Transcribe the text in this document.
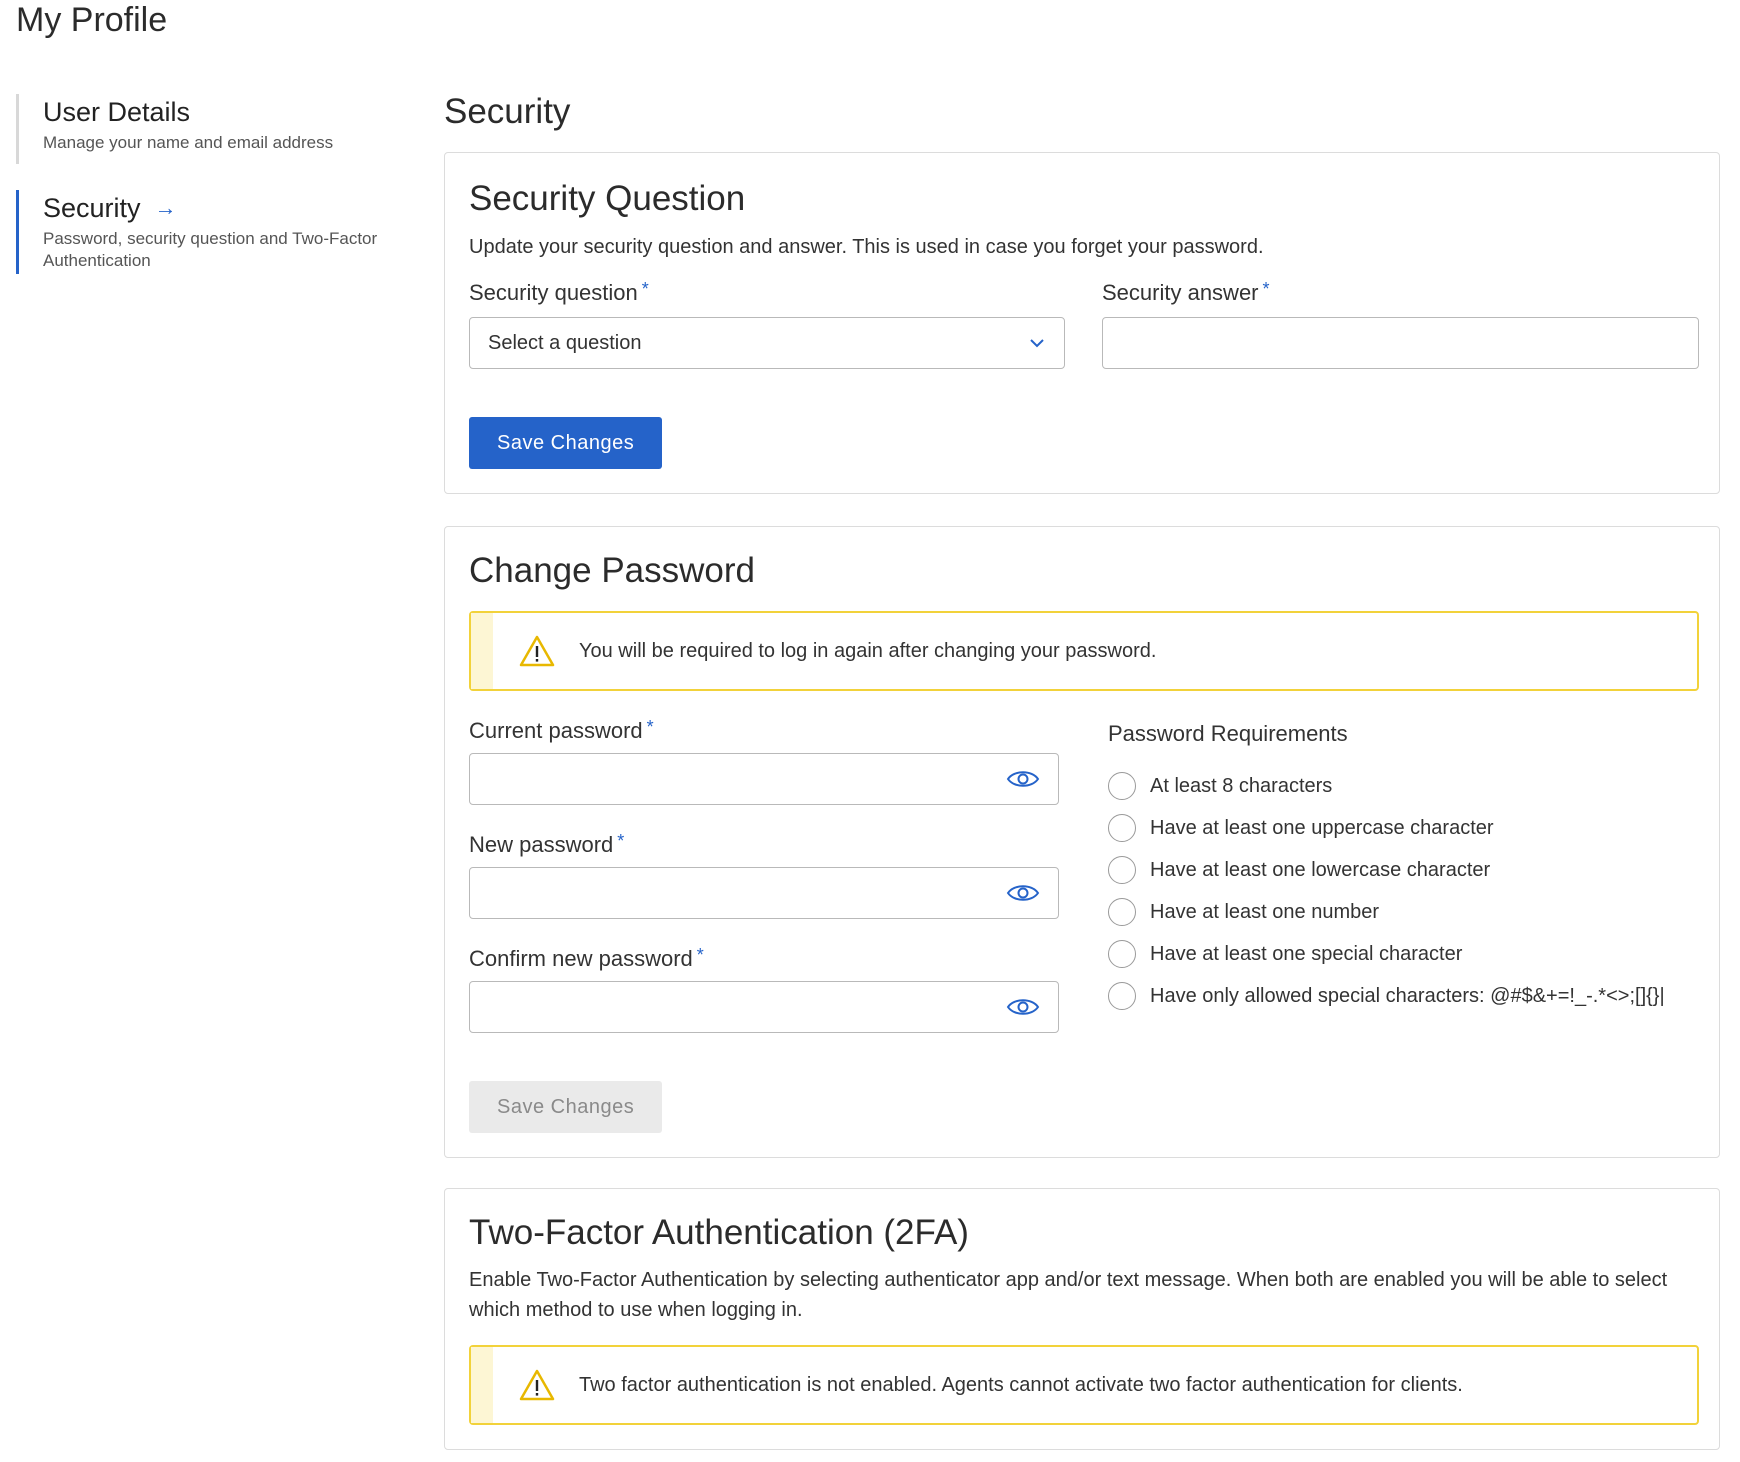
My Profile
User Details
Manage your name and email address
Security →
Password, security question and Two-Factor Authentication
Security
Security Question
Update your security question and answer. This is used in case you forget your password.
Security question *
Select a question
Security answer *
Save Changes
Change Password
You will be required to log in again after changing your password.
Current password *
New password *
Confirm new password *
Save Changes
Password Requirements
At least 8 characters
Have at least one uppercase character
Have at least one lowercase character
Have at least one number
Have at least one special character
Have only allowed special characters: @#$&+=!_-.*<>;[]{}|
Two-Factor Authentication (2FA)
Enable Two-Factor Authentication by selecting authenticator app and/or text message. When both are enabled you will be able to select which method to use when logging in.
Two factor authentication is not enabled. Agents cannot activate two factor authentication for clients.
